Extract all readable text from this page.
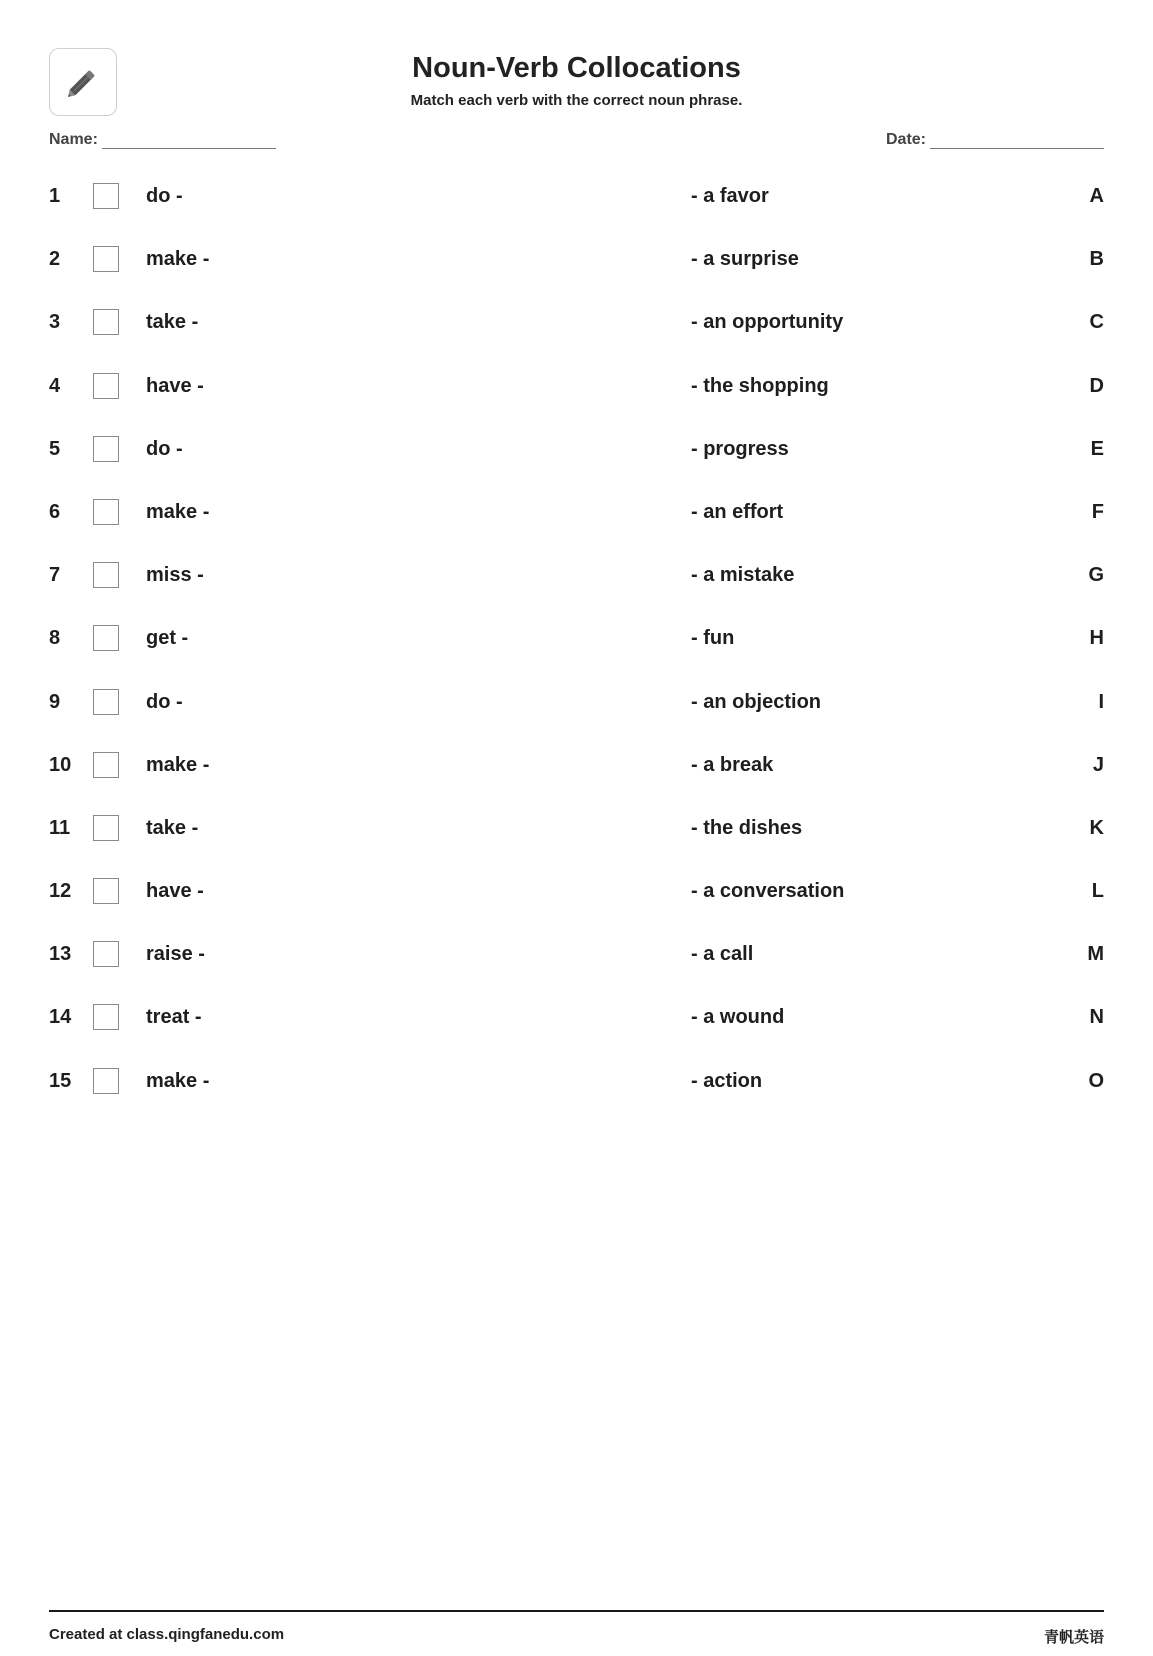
Noun-Verb Collocations
Match each verb with the correct noun phrase.
Name:	Date:
1	do -	- a favor	A
2	make -	- a surprise	B
3	take -	- an opportunity	C
4	have -	- the shopping	D
5	do -	- progress	E
6	make -	- an effort	F
7	miss -	- a mistake	G
8	get -	- fun	H
9	do -	- an objection	I
10	make -	- a break	J
11	take -	- the dishes	K
12	have -	- a conversation	L
13	raise -	- a call	M
14	treat -	- a wound	N
15	make -	- action	O
Created at class.qingfanedu.com	青帆英语
